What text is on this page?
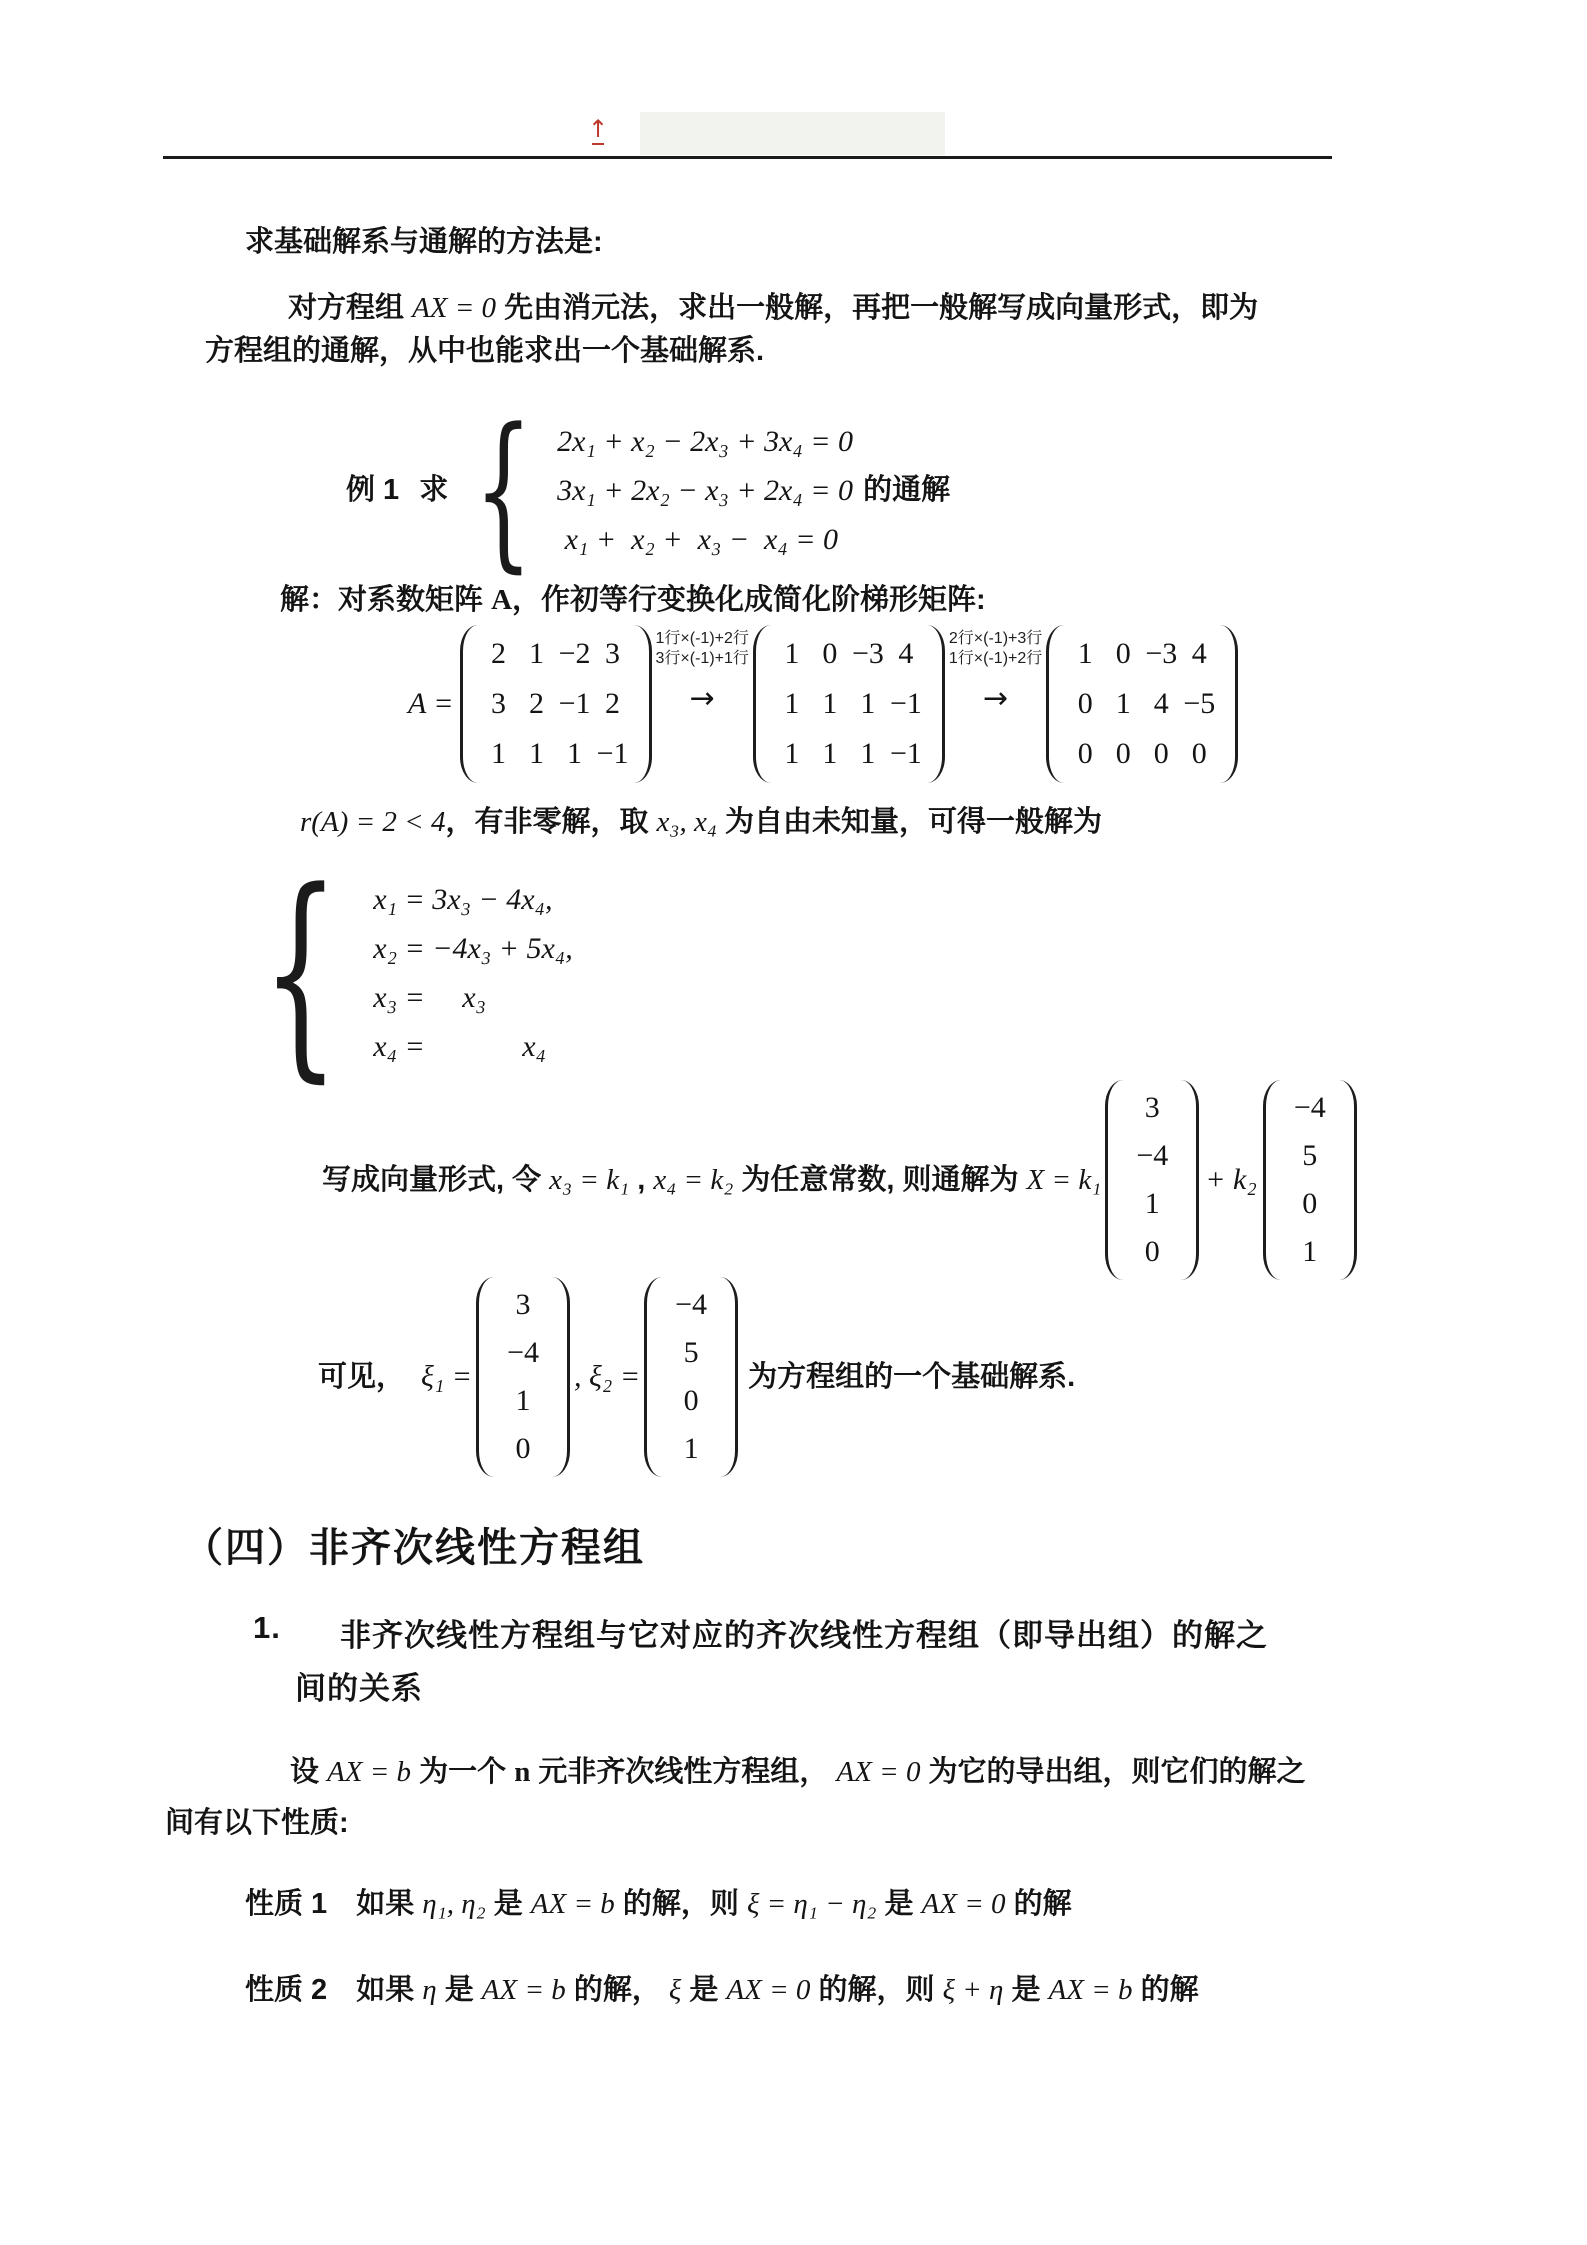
↑
求基础解系与通解的方法是:
对方程组 AX = 0 先由消元法，求出一般解，再把一般解写成向量形式，即为
方程组的通解，从中也能求出一个基础解系.
例 1 求 { 2x₁ + x₂ − 2x₃ + 3x₄ = 0
3x₁ + 2x₂ − x₃ + 2x₄ = 0
x₁ +  x₂ +  x₃ −  x₄ = 0
的通解
解：对系数矩阵 A，作初等行变换化成简化阶梯形矩阵:
A =
2 1 −2 3
3 2 −1 2
1 1 1 −1
1行×(-1)+2行
3行×(-1)+1行
→
1 0 −3 4
1 1 1 −1
1 1 1 −1
2行×(-1)+3行
1行×(-1)+2行
→
1 0 −3 4
0 1 4 −5
0 0 0 0
r(A) = 2 < 4，有非零解，取 x₃, x₄ 为自由未知量，可得一般解为
{ x₁ = 3x₃ − 4x₄,
x₂ = −4x₃ + 5x₄,
x₃ =　 x₃
x₄ =　　　 x₄
写成向量形式, 令 x₃ = k₁ , x₄ = k₂ 为任意常数, 则通解为 X = k₁
3
−4
1
0
+ k₂
−4
5
0
1
可见， ξ₁ =
3
−4
1
0
, ξ₂ =
−4
5
0
1
为方程组的一个基础解系.
（四）非齐次线性方程组
1. 非齐次线性方程组与它对应的齐次线性方程组（即导出组）的解之
间的关系
设 AX = b 为一个 n 元非齐次线性方程组， AX = 0 为它的导出组，则它们的解之
间有以下性质:
性质 1　如果 η₁, η₂ 是 AX = b 的解，则 ξ = η₁ − η₂ 是 AX = 0 的解
性质 2　如果 η 是 AX = b 的解， ξ 是 AX = 0 的解，则 ξ + η 是 AX = b 的解
